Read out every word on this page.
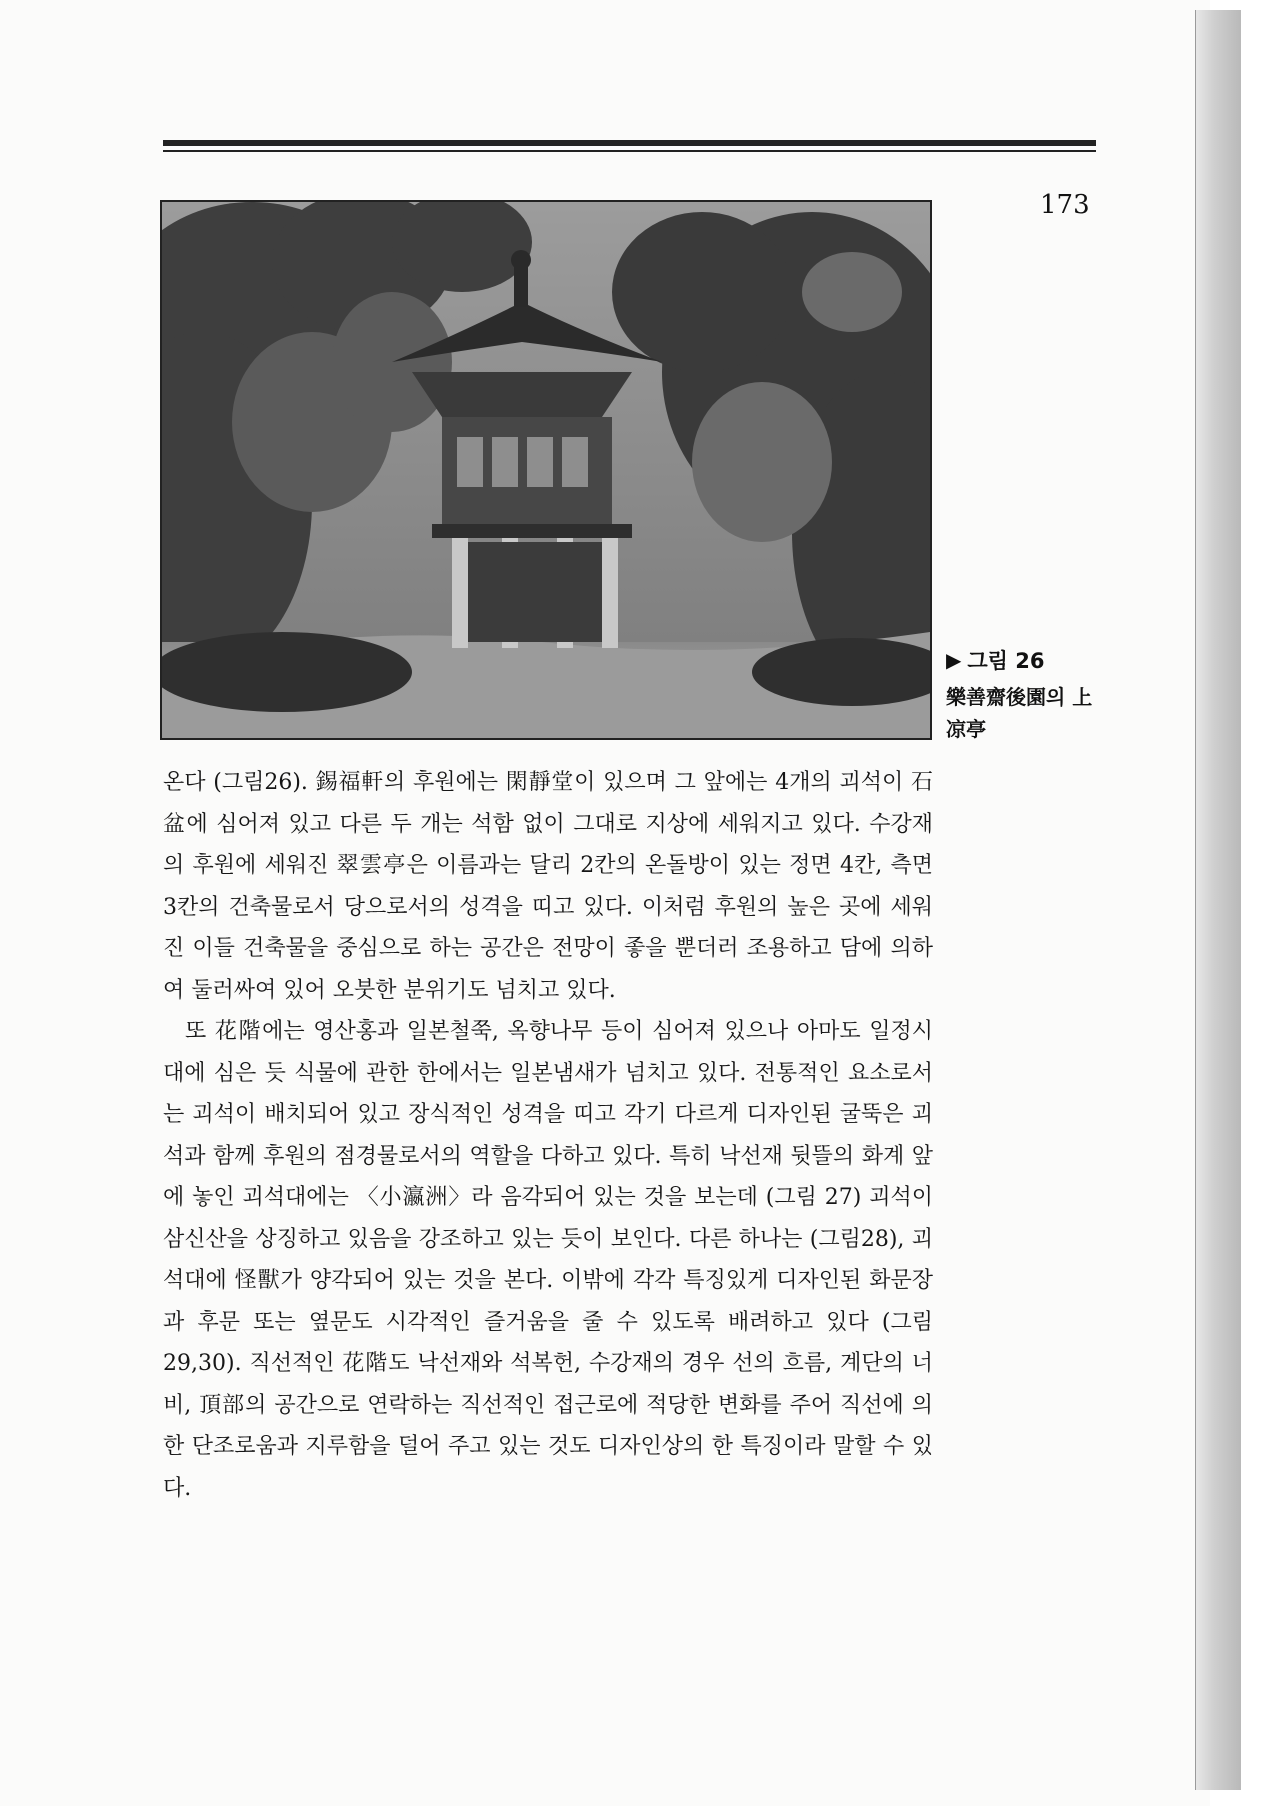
173
▶ 그림 26
樂善齋後園의 上凉亭

온다 (그림26). 錫福軒의 후원에는 閑靜堂이 있으며 그 앞에는 4개의 괴석이 石盆에 심어져 있고 다른 두 개는 석함 없이 그대로 지상에 세워지고 있다. 수강재의 후원에 세워진 翠雲亭은 이름과는 달리 2칸의 온돌방이 있는 정면 4칸, 측면 3칸의 건축물로서 당으로서의 성격을 띠고 있다. 이처럼 후원의 높은 곳에 세워진 이들 건축물을 중심으로 하는 공간은 전망이 좋을 뿐더러 조용하고 담에 의하여 둘러싸여 있어 오붓한 분위기도 넘치고 있다.

또 花階에는 영산홍과 일본철쭉, 옥향나무 등이 심어져 있으나 아마도 일정시대에 심은 듯 식물에 관한 한에서는 일본냄새가 넘치고 있다. 전통적인 요소로서는 괴석이 배치되어 있고 장식적인 성격을 띠고 각기 다르게 디자인된 굴뚝은 괴석과 함께 후원의 점경물로서의 역할을 다하고 있다. 특히 낙선재 뒷뜰의 화계 앞에 놓인 괴석대에는 〈小瀛洲〉라 음각되어 있는 것을 보는데 (그림 27) 괴석이 삼신산을 상징하고 있음을 강조하고 있는 듯이 보인다. 다른 하나는 (그림28), 괴석대에 怪獸가 양각되어 있는 것을 본다. 이밖에 각각 특징있게 디자인된 화문장과 후문 또는 옆문도 시각적인 즐거움을 줄 수 있도록 배려하고 있다 (그림29,30). 직선적인 花階도 낙선재와 석복헌, 수강재의 경우 선의 흐름, 계단의 너비, 頂部의 공간으로 연락하는 직선적인 접근로에 적당한 변화를 주어 직선에 의한 단조로움과 지루함을 덜어 주고 있는 것도 디자인상의 한 특징이라 말할 수 있다.
